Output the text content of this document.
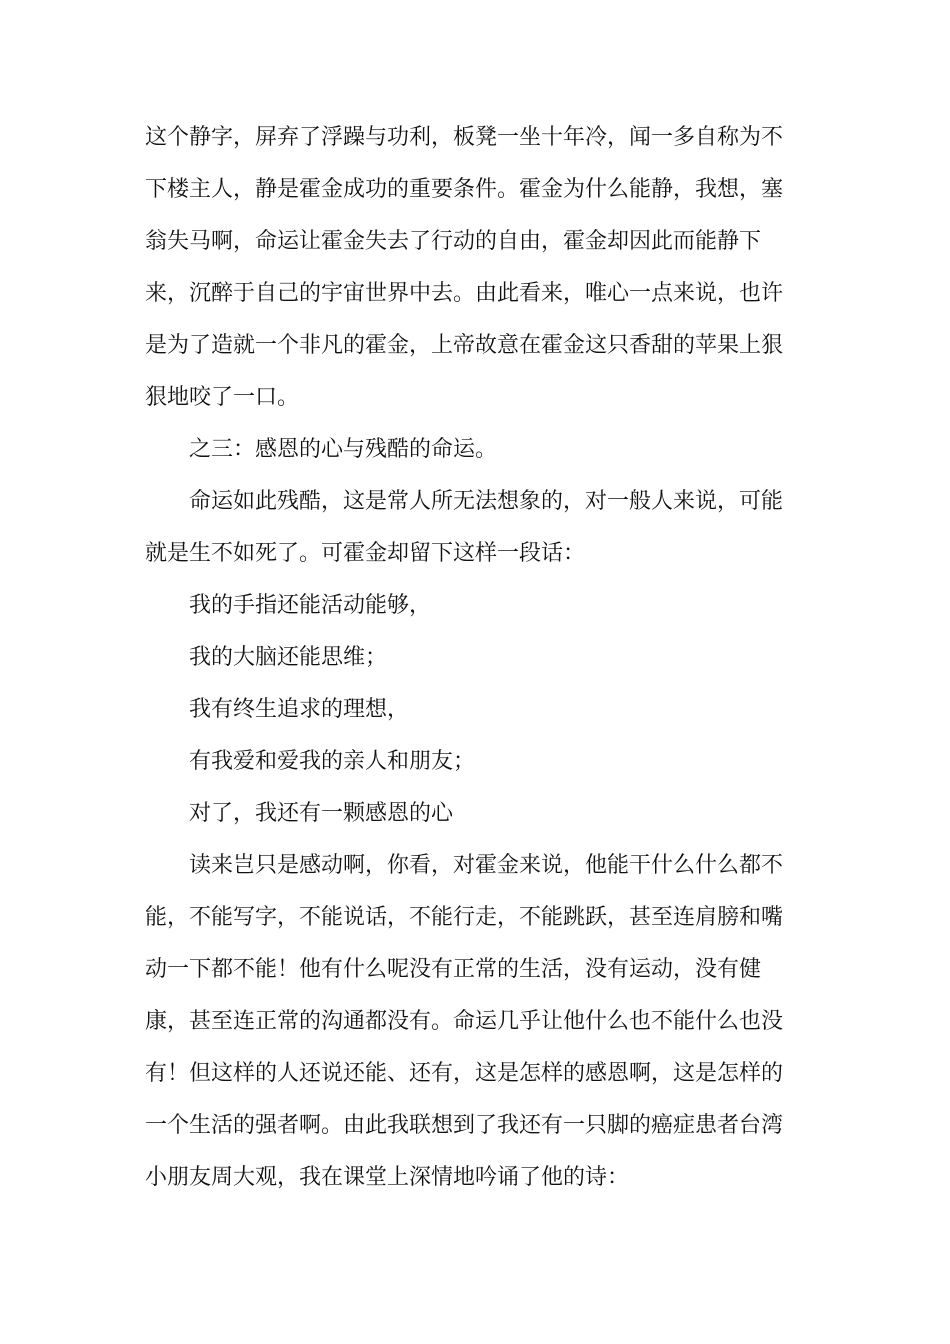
这个静字，屏弃了浮躁与功利，板凳一坐十年冷，闻一多自称为不
下楼主人，静是霍金成功的重要条件。霍金为什么能静，我想，塞
翁失马啊，命运让霍金失去了行动的自由，霍金却因此而能静下
来，沉醉于自己的宇宙世界中去。由此看来，唯心一点来说，也许
是为了造就一个非凡的霍金，上帝故意在霍金这只香甜的苹果上狠
狠地咬了一口。
之三：感恩的心与残酷的命运。
命运如此残酷，这是常人所无法想象的，对一般人来说，可能
就是生不如死了。可霍金却留下这样一段话：
我的手指还能活动能够，
我的大脑还能思维；
我有终生追求的理想，
有我爱和爱我的亲人和朋友；
对了，我还有一颗感恩的心
读来岂只是感动啊，你看，对霍金来说，他能干什么什么都不
能，不能写字，不能说话，不能行走，不能跳跃，甚至连肩膀和嘴
动一下都不能！他有什么呢没有正常的生活，没有运动，没有健
康，甚至连正常的沟通都没有。命运几乎让他什么也不能什么也没
有！但这样的人还说还能、还有，这是怎样的感恩啊，这是怎样的
一个生活的强者啊。由此我联想到了我还有一只脚的癌症患者台湾
小朋友周大观，我在课堂上深情地吟诵了他的诗：
